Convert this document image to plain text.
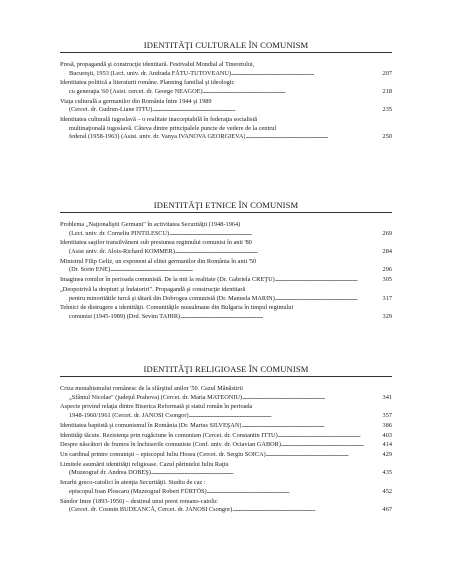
IDENTITĂŢI CULTURALE ÎN COMUNISM
Presă, propagandă şi construcţie identitară. Festivalul Mondial al Tineretului,
Bucureşti, 1953 (Lect. univ. dr. Andrada FĂTU-TUTOVEANU) . . .	207
Identitatea politică a literaturii române. Planning familial şi ideologic
cu generaţia '60 (Asist. cercet. dr. George NEAGOE) . . .	218
Viaţa culturală a germanilor din România între 1944 şi 1989
(Cercet. dr. Gudrun-Liane ITTU) . . .	235
Identitatea culturală iugoslavă – o realitate inacceptabilă în federaţia socialistă
multinaţională iugoslavă. Câteva dintre principalele puncte de vedere de la centrul
federal (1958-1963) (Asist. univ. dr. Vanya IVANOVA GEORGIEVA) . . .	250
IDENTITĂŢI ETNICE ÎN COMUNISM
Problema „Naţionaliştii Germani" în activitatea Securităţii (1948-1964)
(Lect. univ. dr. Corneliu PINTILESCU) . . .	269
Identitatea saşilor transilvăneni sub presiunea regimului comunist în anii '80
(Asist univ. dr. Alois-Richard KOMMER) . . .	284
Ministrul Filip Geltz, un exponent al elitei germanilor din România în anii '50
(Dr. Sorin ENE) . . .	296
Imaginea romilor în perioada comunistă. De la mit la realitate (Dr. Gabriela CREŢU) . . .	305
„Deopotrivă la drepturi şi îndatoriri". Propagandă şi construcţie identitară
pentru minoritătile turcă şi tătară din Dobrogea comunistă (Dr. Manuela MARIN) . . .	317
Tehnici de distrugere a identităţii. Comunităţile musulmane din Bulgaria în timpul regimului
comunist (1945-1989) (Drd. Sevim TAHIR) . . .	329
IDENTITĂŢI RELIGIOASE ÎN COMUNISM
Criza monahismului românesc de la sfârşitul anilor '50. Cazul Mănăstirii
„Sfântul Nicolae" (judeţul Prahova) (Cercet. dr. Maria MATEONIU) . . .	341
Aspecte privind relaţia dintre Biserica Reformată şi statul român în perioada
1948-1960/1961 (Cercet. dr. JÁNOSI Csongor) . . .	357
Identitatea baptistă şi comunismul în România (Dr. Marius SILVEŞAN) . . .	386
Identităţi tăcute. Rezistenţa prin rugăciune în comunism (Cercet. dr. Constantin ITTU) . . .	403
Despre născători de frumos în închisorile comuniste (Conf. univ. dr. Octavian GABOR) . . .	414
Un cardinal printre comunişti – episcopul Iuliu Hossu (Cercet. dr. Sergiu SOICA) . . .	429
Limitele asumării identităţii religioase. Cazul părintelui Iuliu Raţiu
(Muzeograf dr. Andrea DOBEŞ) . . .	435
Ierarhi greco-catolici în atenţia Securităţii. Studiu de caz :
episcopul Ioan Ploscaru (Muzeograf Robert FÜRTÖS) . . .	452
Sándor Imre (1893-1956) – destinul unui preot romano-catolic
(Cercet. dr. Cosmin BUDEANCĂ, Cercet. dr. JÁNOSI Csongor) . . .	467
